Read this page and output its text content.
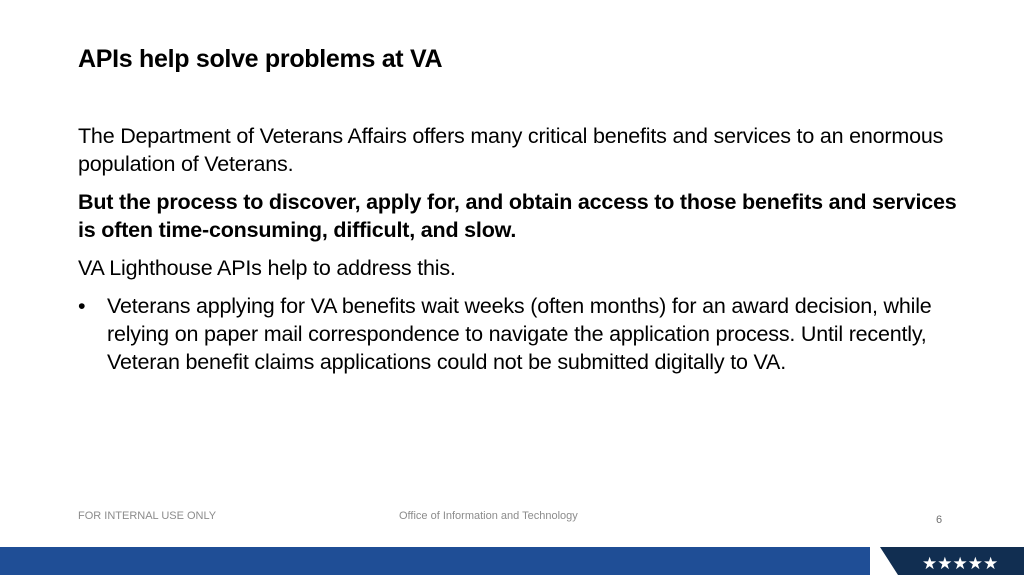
APIs help solve problems at VA

The Department of Veterans Affairs offers many critical benefits and services to an enormous population of Veterans.

But the process to discover, apply for, and obtain access to those benefits and services is often time-consuming, difficult, and slow.

VA Lighthouse APIs help to address this.

• Veterans applying for VA benefits wait weeks (often months) for an award decision, while relying on paper mail correspondence to navigate the application process. Until recently, Veteran benefit claims applications could not be submitted digitally to VA.
FOR INTERNAL USE ONLY	Office of Information and Technology	6
★★★★★
